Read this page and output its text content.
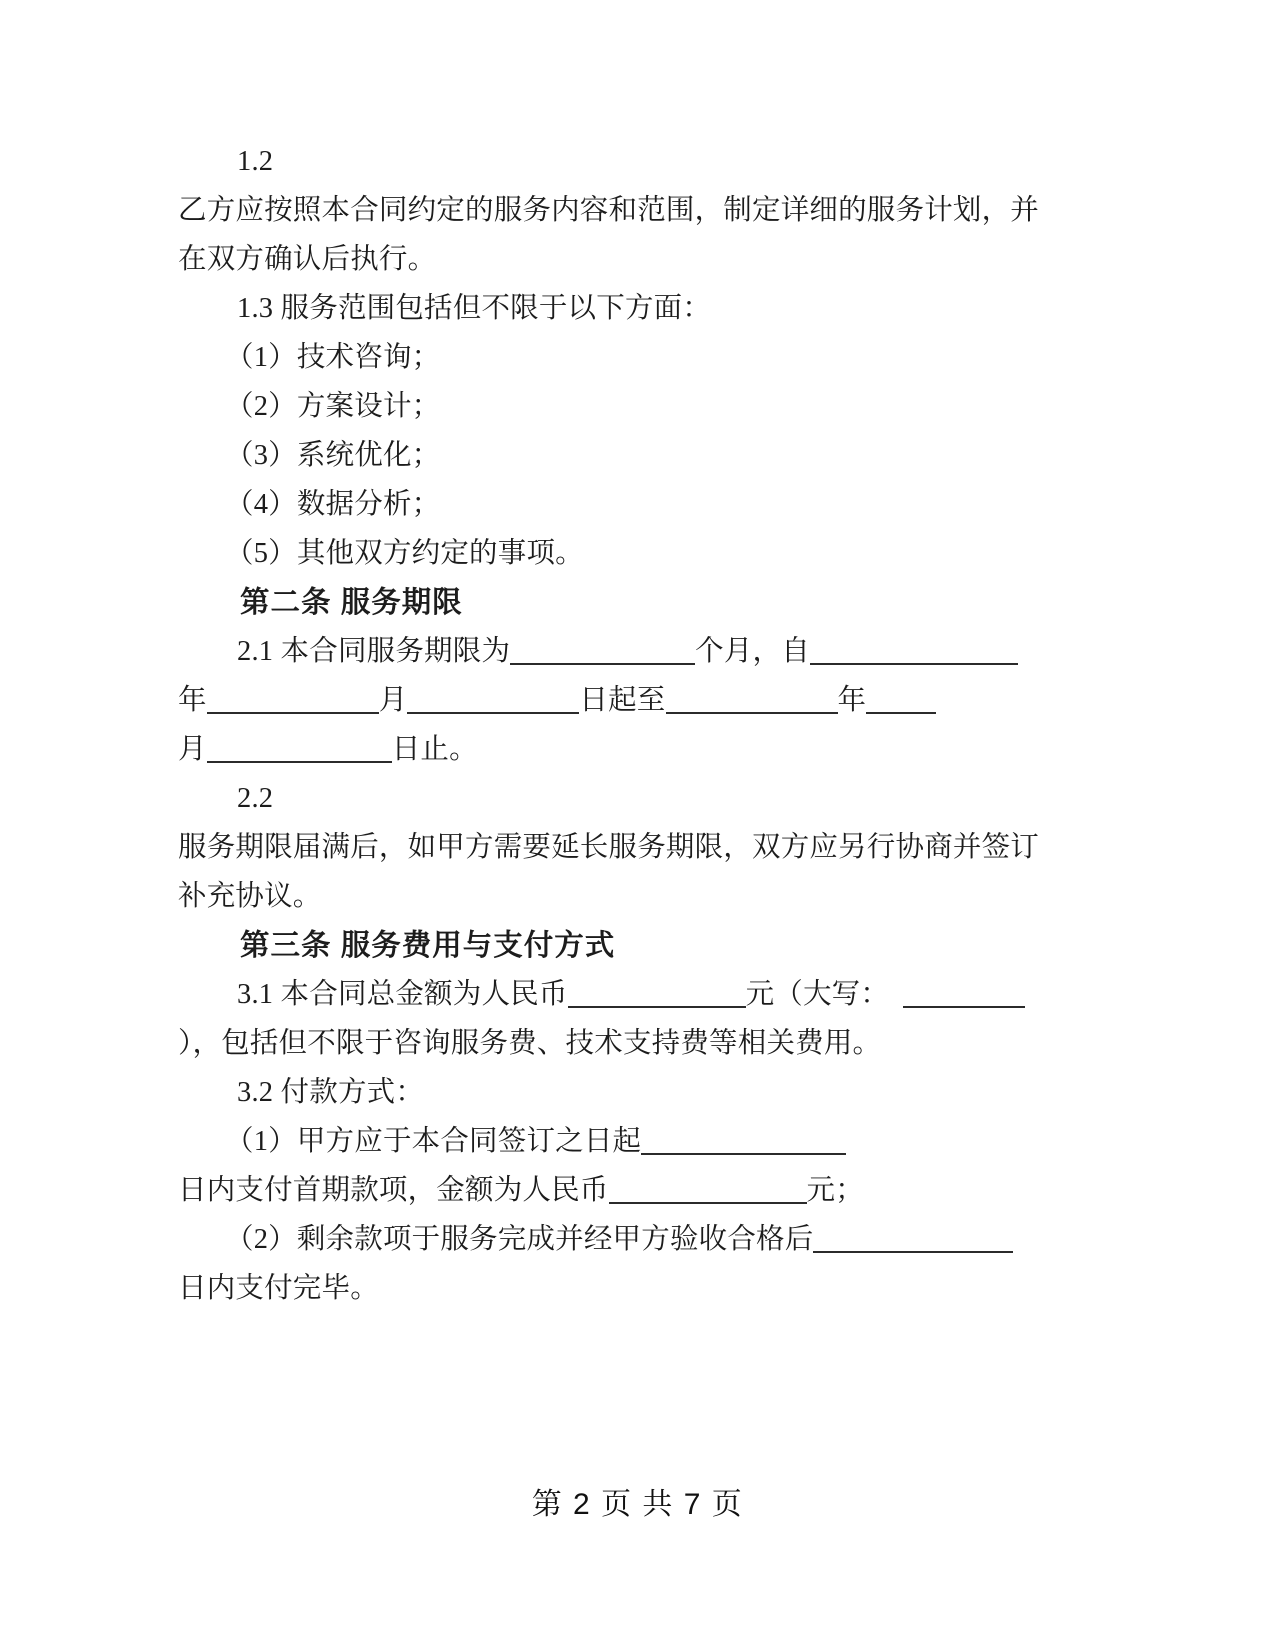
1.2
乙方应按照本合同约定的服务内容和范围，制定详细的服务计划，并
在双方确认后执行。
1.3 服务范围包括但不限于以下方面：
（1）技术咨询；
（2）方案设计；
（3）系统优化；
（4）数据分析；
（5）其他双方约定的事项。
第二条 服务期限
2.1 本合同服务期限为	个月，自
年	月	日起至	年
月	日止。
2.2
服务期限届满后，如甲方需要延长服务期限，双方应另行协商并签订
补充协议。
第三条 服务费用与支付方式
3.1 本合同总金额为人民币	元（大写：
），包括但不限于咨询服务费、技术支持费等相关费用。
3.2 付款方式：
（1）甲方应于本合同签订之日起
日内支付首期款项，金额为人民币	元；
（2）剩余款项于服务完成并经甲方验收合格后
日内支付完毕。
第 2 页 共 7 页
